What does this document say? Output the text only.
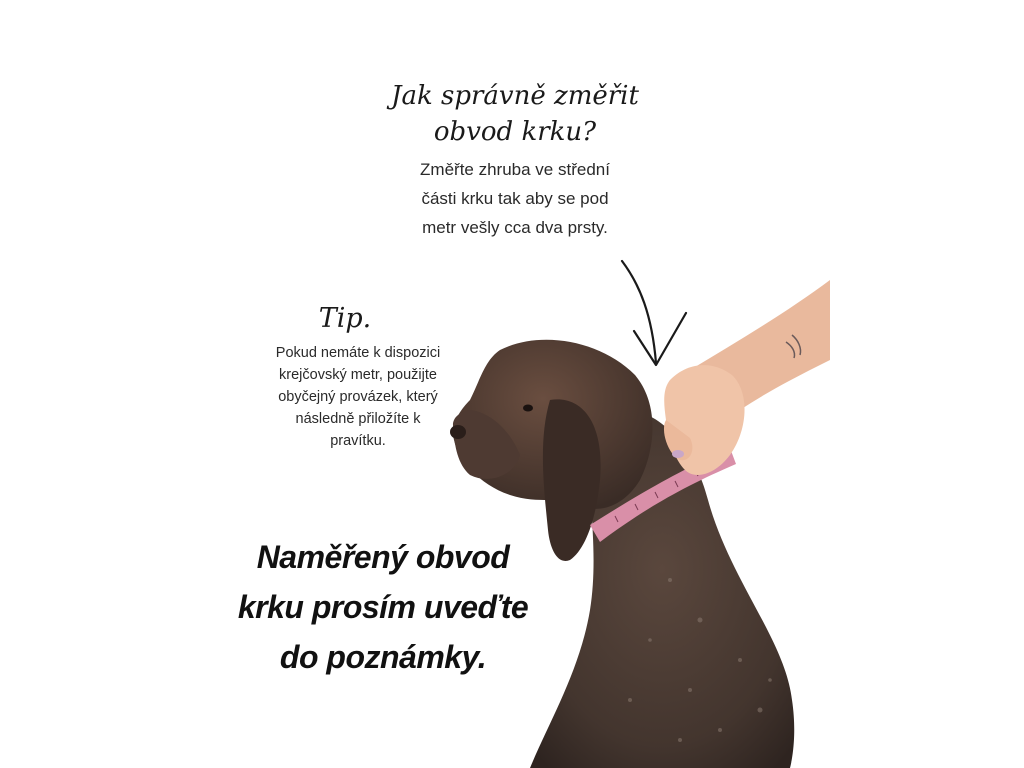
Jak správně změřit
obvod krku?
Změřte zhruba ve střední
části krku tak aby se pod
metr vešly cca dva prsty.
Tip.
Pokud nemáte k dispozici
krejčovský metr, použijte
obyčejný provázek, který
následně přiložíte k
pravítku.
Naměřený obvod
krku prosím uveďte
do poznámky.
